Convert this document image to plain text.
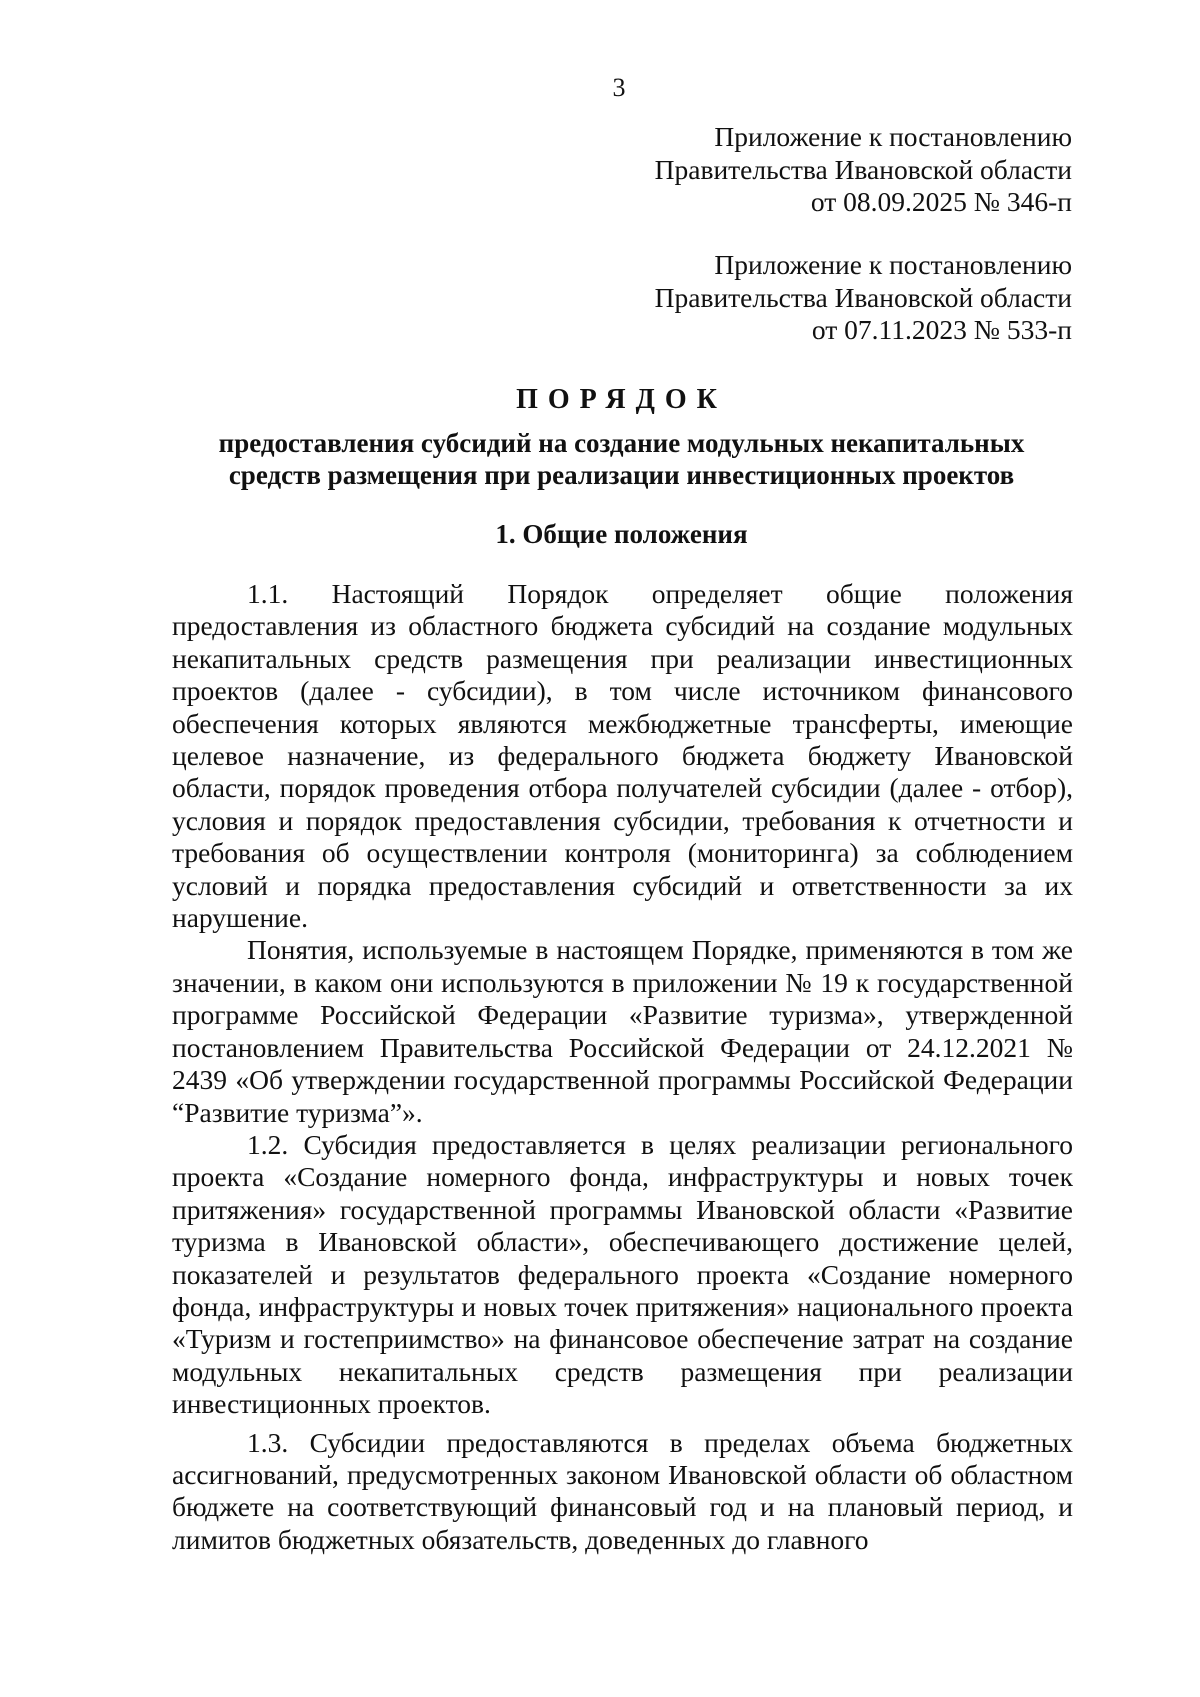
3
Приложение к постановлению
Правительства Ивановской области
от 08.09.2025 № 346-п
Приложение к постановлению
Правительства Ивановской области
от 07.11.2023 № 533-п
ПОРЯДОК
предоставления субсидий на создание модульных некапитальных средств размещения при реализации инвестиционных проектов
1. Общие положения

1.1. Настоящий Порядок определяет общие положения предоставления из областного бюджета субсидий на создание модульных некапитальных средств размещения при реализации инвестиционных проектов (далее - субсидии), в том числе источником финансового обеспечения которых являются межбюджетные трансферты, имеющие целевое назначение, из федерального бюджета бюджету Ивановской области, порядок проведения отбора получателей субсидии (далее - отбор), условия и порядок предоставления субсидии, требования к отчетности и требования об осуществлении контроля (мониторинга) за соблюдением условий и порядка предоставления субсидий и ответственности за их нарушение.

Понятия, используемые в настоящем Порядке, применяются в том же значении, в каком они используются в приложении № 19 к государственной программе Российской Федерации «Развитие туризма», утвержденной постановлением Правительства Российской Федерации от 24.12.2021 № 2439 «Об утверждении государственной программы Российской Федерации “Развитие туризма”».

1.2. Субсидия предоставляется в целях реализации регионального проекта «Создание номерного фонда, инфраструктуры и новых точек притяжения» государственной программы Ивановской области «Развитие туризма в Ивановской области», обеспечивающего достижение целей, показателей и результатов федерального проекта «Создание номерного фонда, инфраструктуры и новых точек притяжения» национального проекта «Туризм и гостеприимство» на финансовое обеспечение затрат на создание модульных некапитальных средств размещения при реализации инвестиционных проектов.

1.3. Субсидии предоставляются в пределах объема бюджетных ассигнований, предусмотренных законом Ивановской области об областном бюджете на соответствующий финансовый год и на плановый период, и лимитов бюджетных обязательств, доведенных до главного
